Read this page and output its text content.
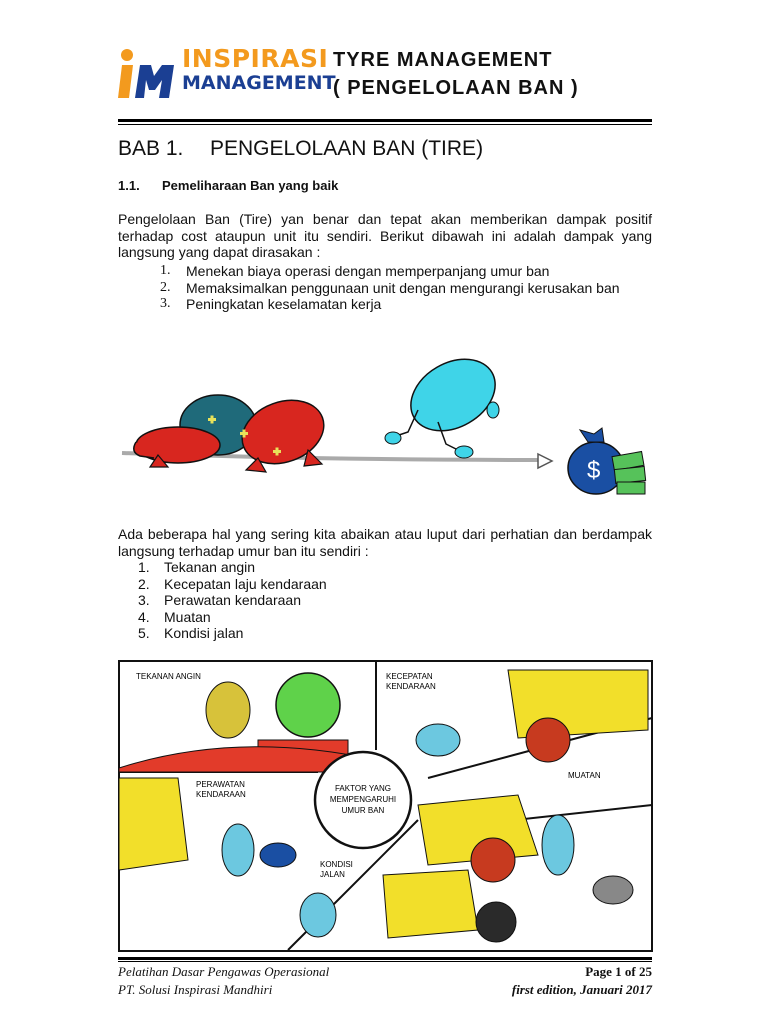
INSPIRASI
MANAGEMENT
TYRE MANAGEMENT
( PENGELOLAAN BAN )
BAB 1. PENGELOLAAN BAN (TIRE)
1.1. Pemeliharaan Ban yang baik
Pengelolaan Ban (Tire) yan benar dan tepat akan memberikan dampak positif terhadap cost ataupun unit itu sendiri. Berikut dibawah ini adalah dampak yang langsung yang dapat dirasakan :
1. Menekan biaya operasi dengan memperpanjang umur ban
2. Memaksimalkan penggunaan unit dengan mengurangi kerusakan ban
3. Peningkatan keselamatan kerja
$
Ada beberapa hal yang sering kita abaikan atau luput dari perhatian dan berdampak langsung terhadap umur ban itu sendiri :
1. Tekanan angin
2. Kecepatan laju kendaraan
3. Perawatan kendaraan
4. Muatan
5. Kondisi jalan
TEKANAN ANGIN	KECEPATAN
KENDARAAN
PERAWATAN
KENDARAAN
MUATAN
KONDISI
JALAN
FAKTOR YANG
MEMPENGARUHI
UMUR BAN
Pelatihan Dasar Pengawas Operasional
PT. Solusi Inspirasi Mandhiri
Page 1 of 25
first edition, Januari 2017
